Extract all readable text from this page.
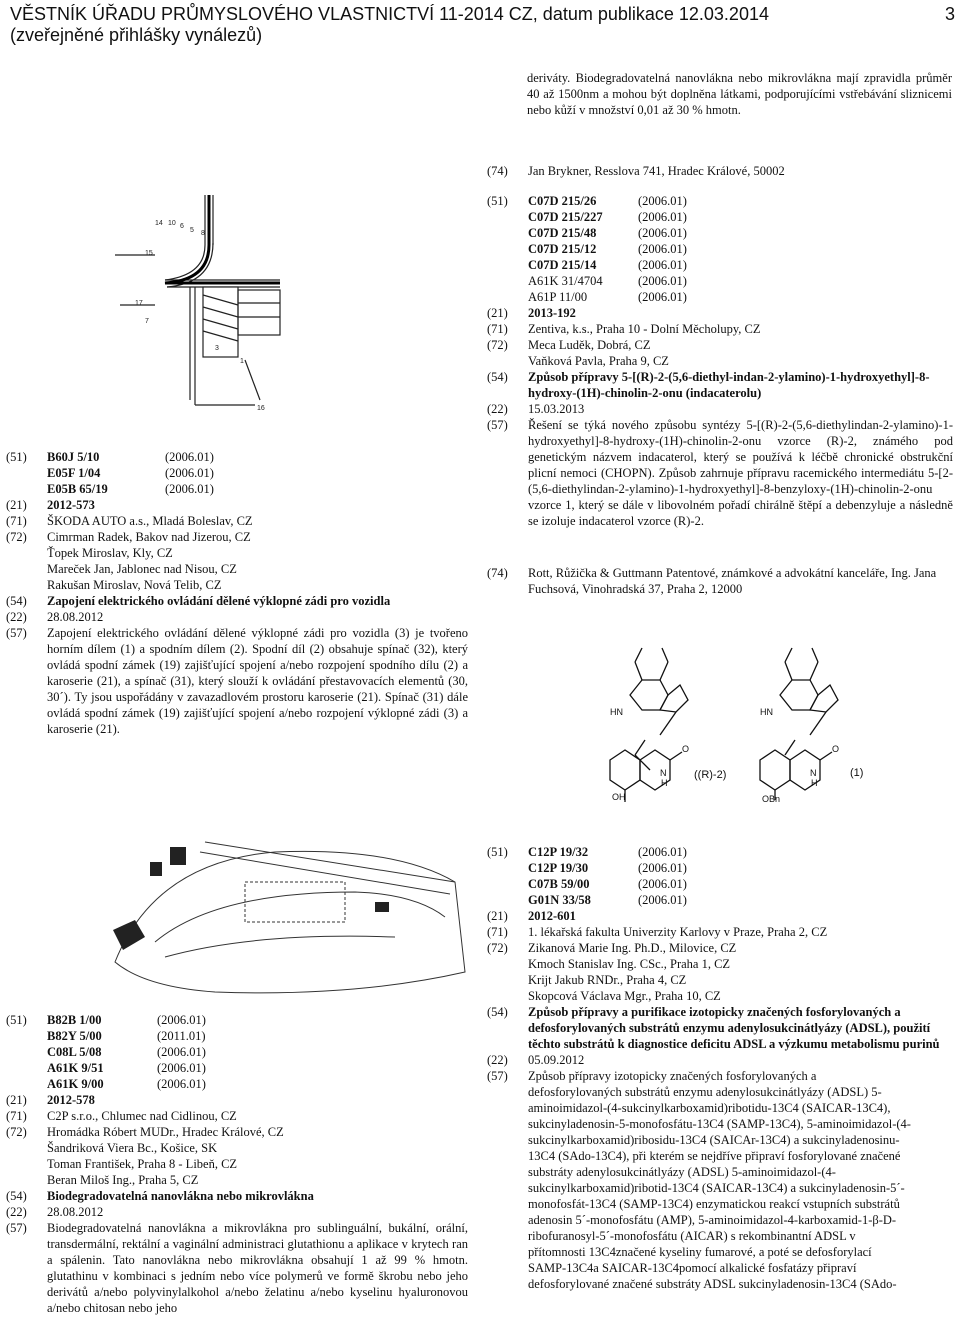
VĚSTNÍK ÚŘADU PRŮMYSLOVÉHO VLASTNICTVÍ 11-2014 CZ, datum publikace 12.03.2014
(zveřejněné přihlášky vynálezů)
3
deriváty. Biodegradovatelná nanovlákna nebo mikrovlákna mají zpravidla průměr 40 až 1500nm a mohou být doplněna látkami, podporujícími vstřebávání sliznicemi nebo kůží v množství 0,01 až 30 % hmotn.
(74)	Jan Brykner, Resslova 741, Hradec Králové, 50002
14 10 6
5 8
15
17
7
3
1
16
(51)	B60J 5/10	(2006.01)
E05F 1/04	(2006.01)
E05B 65/19	(2006.01)
(21)	2012-573
(71)	ŠKODA AUTO a.s., Mladá Boleslav, CZ
(72)	Cimrman Radek, Bakov nad Jizerou, CZ
Ťopek Miroslav, Kly, CZ
Mareček Jan, Jablonec nad Nisou, CZ
Rakušan Miroslav, Nová Telib, CZ
(54)	Zapojení elektrického ovládání dělené výklopné zádi pro vozidla
(22)	28.08.2012
(57)	Zapojení elektrického ovládání dělené výklopné zádi pro vozidla (3) je tvořeno horním dílem (1) a spodním dílem (2). Spodní díl (2) obsahuje spínač (32), který ovládá spodní zámek (19) zajišťující spojení a/nebo rozpojení spodního dílu (2) a karoserie (21), a spínač (31), který slouží k ovládání přestavovacích elementů (30, 30´). Ty jsou uspořádány v zavazadlovém prostoru karoserie (21). Spínač (31) dále ovládá spodní zámek (19) zajišťující spojení a/nebo rozpojení výklopné zádi (3) a karoserie (21).
(51)	C07D 215/26	(2006.01)
C07D 215/227	(2006.01)
C07D 215/48	(2006.01)
C07D 215/12	(2006.01)
C07D 215/14	(2006.01)
A61K 31/4704	(2006.01)
A61P 11/00	(2006.01)
(21)	2013-192
(71)	Zentiva, k.s., Praha 10 - Dolní Měcholupy, CZ
(72)	Meca Luděk, Dobrá, CZ
Vaňková Pavla, Praha 9, CZ
(54)	Způsob přípravy 5-[(R)-2-(5,6-diethyl-indan-2-ylamino)-1-hydroxyethyl]-8-hydroxy-(1H)-chinolin-2-onu (indacaterolu)
(22)	15.03.2013
(57)	Řešení se týká nového způsobu syntézy 5-[(R)-2-(5,6-diethylindan-2-ylamino)-1-hydroxyethyl]-8-hydroxy-(1H)-chinolin-2-onu vzorce (R)-2, známého pod genetickým názvem indacaterol, který se používá k léčbě chronické obstrukční plicní nemoci (CHOPN). Způsob zahrnuje přípravu racemického intermediátu 5-[2-(5,6-diethylindan-2-ylamino)-1-hydroxyethyl]-8-benzyloxy-(1H)-chinolin-2-onu vzorce 1, který se dále v libovolném pořadí chirálně štěpí a debenzyluje a následně se izoluje indacaterol vzorce (R)-2.
(74)	Rott, Růžička & Guttmann Patentové, známkové a advokátní kanceláře, Ing. Jana Fuchsová, Vinohradská 37, Praha 2, 12000
HN	HN
OH	OBn
O	O
N	N
H	H
((R)-2)	(1)
(51)	B82B 1/00	(2006.01)
B82Y 5/00	(2011.01)
C08L 5/08	(2006.01)
A61K 9/51	(2006.01)
A61K 9/00	(2006.01)
(21)	2012-578
(71)	C2P s.r.o., Chlumec nad Cidlinou, CZ
(72)	Hromádka Róbert MUDr., Hradec Králové, CZ
Šandriková Viera Bc., Košice, SK
Toman František, Praha 8 - Libeň, CZ
Beran Miloš Ing., Praha 5, CZ
(54)	Biodegradovatelná nanovlákna nebo mikrovlákna
(22)	28.08.2012
(57)	Biodegradovatelná nanovlákna a mikrovlákna pro sublinguální, bukální, orální, transdermální, rektální a vaginální administraci glutathionu a aplikace v krytech ran a spálenin. Tato nanovlákna nebo mikrovlákna obsahují 1 až 99 % hmotn. glutathinu v kombinaci s jedním nebo více polymerů ve formě škrobu nebo jeho derivátů a/nebo polyvinylalkohol a/nebo želatinu a/nebo kyselinu hyaluronovou a/nebo chitosan nebo jeho
(51)	C12P 19/32	(2006.01)
C12P 19/30	(2006.01)
C07B 59/00	(2006.01)
G01N 33/58	(2006.01)
(21)	2012-601
(71)	1. lékařská fakulta Univerzity Karlovy v Praze, Praha 2, CZ
(72)	Zikanová Marie Ing. Ph.D., Milovice, CZ
Kmoch Stanislav Ing. CSc., Praha 1, CZ
Krijt Jakub RNDr., Praha 4, CZ
Skopcová Václava Mgr., Praha 10, CZ
(54)	Způsob přípravy a purifikace izotopicky značených fosforylovaných a defosforylovaných substrátů enzymu adenylosukcinátlyázy (ADSL), použití těchto substrátů k diagnostice deficitu ADSL a výzkumu metabolismu purinů
(22)	05.09.2012
(57)	Způsob přípravy izotopicky značených fosforylovaných a
defosforylovaných substrátů enzymu adenylosukcinátlyázy (ADSL) 5-
aminoimidazol-(4-sukcinylkarboxamid)ribotidu-13C4 (SAICAR-13C4),
sukcinyladenosin-5-monofosfátu-13C4 (SAMP-13C4), 5-aminoimidazol-(4-
sukcinylkarboxamid)ribosidu-13C4 (SAICAr-13C4) a sukcinyladenosinu-
13C4 (SAdo-13C4), při kterém se nejdříve připraví fosforylované značené
substráty adenylosukcinátlyázy (ADSL) 5-aminoimidazol-(4-
sukcinylkarboxamid)ribotid-13C4 (SAICAR-13C4) a sukcinyladenosin-5´-
monofosfát-13C4 (SAMP-13C4) enzymatickou reakcí vstupních substrátů
adenosin 5´-monofosfátu (AMP), 5-aminoimidazol-4-karboxamid-1-β-D-
ribofuranosyl-5´-monofosfátu (AICAR) s rekombinantní ADSL v
přítomnosti 13C4značené kyseliny fumarové, a poté se defosforylací
SAMP-13C4a SAICAR-13C4pomocí alkalické fosfatázy připraví
defosforylované značené substráty ADSL sukcinyladenosin-13C4 (SAdo-
